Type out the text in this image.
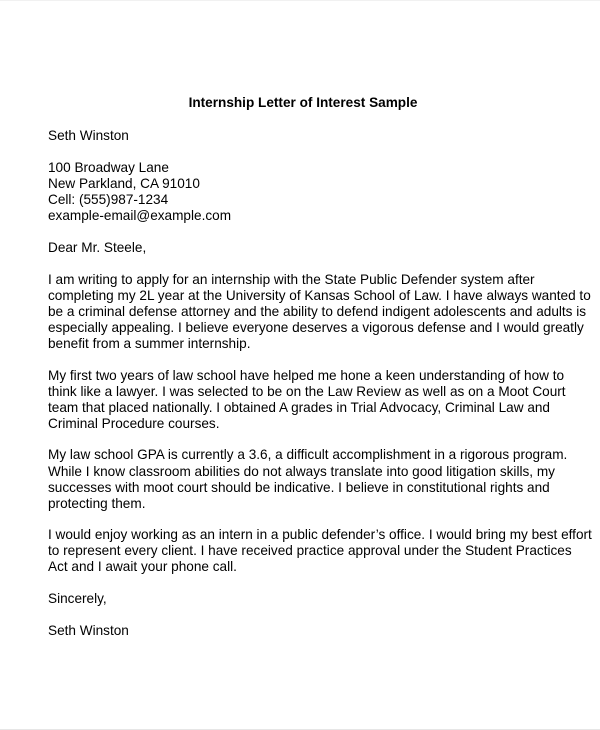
Internship Letter of Interest Sample
Seth Winston
100 Broadway Lane
New Parkland, CA 91010
Cell: (555)987-1234
example-email@example.com
Dear Mr. Steele,
I am writing to apply for an internship with the State Public Defender system after
completing my 2L year at the University of Kansas School of Law. I have always wanted to
be a criminal defense attorney and the ability to defend indigent adolescents and adults is
especially appealing. I believe everyone deserves a vigorous defense and I would greatly
benefit from a summer internship.
My first two years of law school have helped me hone a keen understanding of how to
think like a lawyer. I was selected to be on the Law Review as well as on a Moot Court
team that placed nationally. I obtained A grades in Trial Advocacy, Criminal Law and
Criminal Procedure courses.
My law school GPA is currently a 3.6, a difficult accomplishment in a rigorous program.
While I know classroom abilities do not always translate into good litigation skills, my
successes with moot court should be indicative. I believe in constitutional rights and
protecting them.
I would enjoy working as an intern in a public defender’s office. I would bring my best effort
to represent every client. I have received practice approval under the Student Practices
Act and I await your phone call.
Sincerely,
Seth Winston
